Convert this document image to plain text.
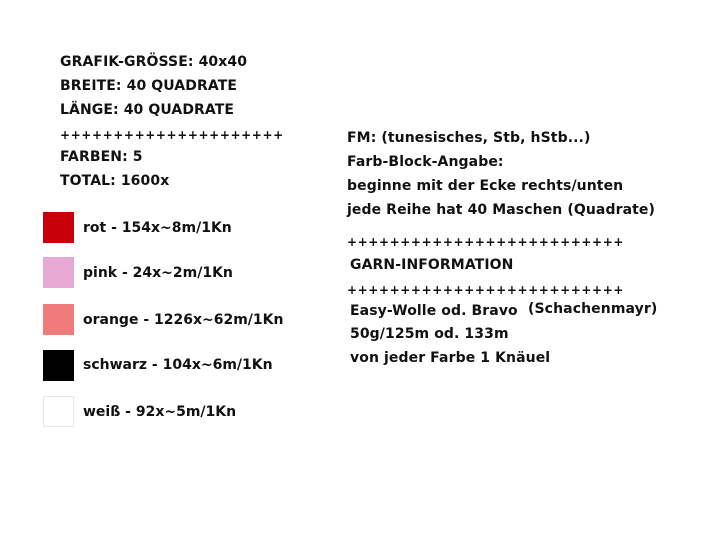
GRAFIK-GRÖSSE: 40x40
BREITE: 40 QUADRATE
LÄNGE: 40 QUADRATE
+++++++++++++++++++++
FARBEN: 5
TOTAL: 1600x
rot - 154x~8m/1Kn
pink - 24x~2m/1Kn
orange - 1226x~62m/1Kn
schwarz - 104x~6m/1Kn
weiß - 92x~5m/1Kn
FM: (tunesisches, Stb, hStb...)
Farb-Block-Angabe:
beginne mit der Ecke rechts/unten
jede Reihe hat 40 Maschen (Quadrate)
++++++++++++++++++++++++++
GARN-INFORMATION
++++++++++++++++++++++++++
Easy-Wolle od. Bravo (Schachenmayr)
50g/125m od. 133m
von jeder Farbe 1 Knäuel
